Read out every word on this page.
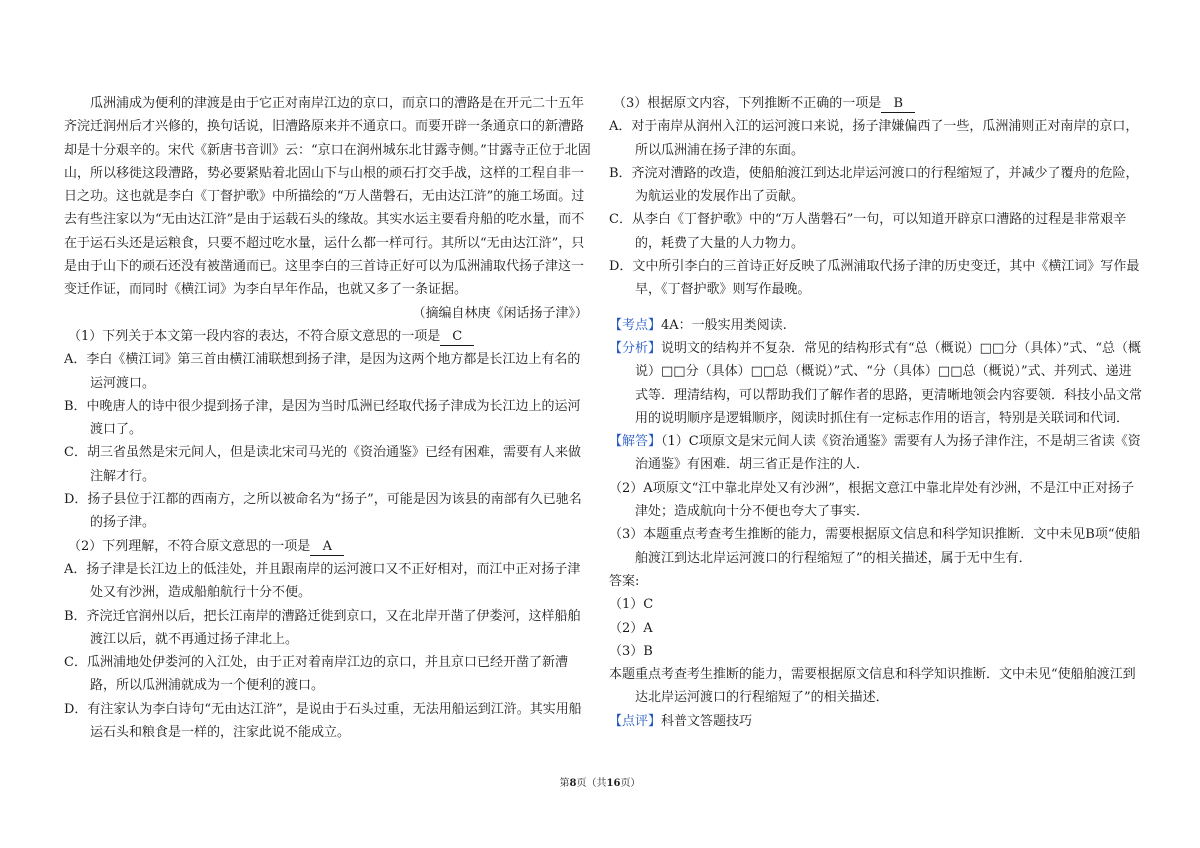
瓜洲浦成为便利的津渡是由于它正对南岸江边的京口，而京口的漕路是在开元二十五年齐浣迁润州后才兴修的，换句话说，旧漕路原来并不通京口。而要开辟一条通京口的新漕路却是十分艰辛的。宋代《新唐书音训》云：“京口在润州城东北甘露寺侧。”甘露寺正位于北固山，所以移徙这段漕路，势必要紧贴着北固山下与山根的顽石打交手战，这样的工程自非一日之功。这也就是李白《丁督护歌》中所描绘的“万人凿磐石，无由达江浒”的施工场面。过去有些注家以为“无由达江浒”是由于运载石头的缘故。其实水运主要看舟船的吃水量，而不在于运石头还是运粮食，只要不超过吃水量，运什么都一样可行。其所以“无由达江浒”，只是由于山下的顽石还没有被凿通而已。这里李白的三首诗正好可以为瓜洲浦取代扬子津这一变迁作证，而同时《横江词》为李白早年作品，也就又多了一条证据。

（摘编自林庚《闲话扬子津》）

（1）下列关于本文第一段内容的表达，不符合原文意思的一项是 C

A．李白《横江词》第三首由横江浦联想到扬子津，是因为这两个地方都是长江边上有名的运河渡口。

B．中晚唐人的诗中很少提到扬子津，是因为当时瓜洲已经取代扬子津成为长江边上的运河渡口了。

C．胡三省虽然是宋元间人，但是读北宋司马光的《资治通鉴》已经有困难，需要有人来做注解才行。

D．扬子县位于江都的西南方，之所以被命名为“扬子”，可能是因为该县的南部有久已驰名的扬子津。

（2）下列理解，不符合原文意思的一项是 A

A．扬子津是长江边上的低洼处，并且跟南岸的运河渡口又不正好相对，而江中正对扬子津处又有沙洲，造成船舶航行十分不便。

B．齐浣迁官润州以后，把长江南岸的漕路迁徙到京口，又在北岸开凿了伊娄河，这样船舶渡江以后，就不再通过扬子津北上。

C．瓜洲浦地处伊娄河的入江处，由于正对着南岸江边的京口，并且京口已经开凿了新漕路，所以瓜洲浦就成为一个便利的渡口。

D．有注家认为李白诗句“无由达江浒”，是说由于石头过重，无法用船运到江浒。其实用船运石头和粮食是一样的，注家此说不能成立。

（3）根据原文内容，下列推断不正确的一项是 B

A．对于南岸从润州入江的运河渡口来说，扬子津嫌偏西了一些，瓜洲浦则正对南岸的京口，所以瓜洲浦在扬子津的东面。

B．齐浣对漕路的改造，使船舶渡江到达北岸运河渡口的行程缩短了，并减少了覆舟的危险，为航运业的发展作出了贡献。

C．从李白《丁督护歌》中的“万人凿磐石”一句，可以知道开辟京口漕路的过程是非常艰辛的，耗费了大量的人力物力。

D．文中所引李白的三首诗正好反映了瓜洲浦取代扬子津的历史变迁，其中《横江词》写作最早，《丁督护歌》则写作最晚。

【考点】4A：一般实用类阅读.

【分析】说明文的结构并不复杂．常见的结构形式有“总（概说）□□分（具体）”式、“总（概说）□□分（具体）□□总（概说）”式、“分（具体）□□总（概说）”式、并列式、递进式等．理清结构，可以帮助我们了解作者的思路，更清晰地领会内容要领．科技小品文常用的说明顺序是逻辑顺序，阅读时抓住有一定标志作用的语言，特别是关联词和代词．

【解答】（1）C项原文是宋元间人读《资治通鉴》需要有人为扬子津作注，不是胡三省读《资治通鉴》有困难．胡三省正是作注的人．

（2）A项原文“江中靠北岸处又有沙洲”，根据文意江中靠北岸处有沙洲，不是江中正对扬子津处；造成航向十分不便也夸大了事实．

（3）本题重点考查考生推断的能力，需要根据原文信息和科学知识推断．文中未见B项“使船舶渡江到达北岸运河渡口的行程缩短了”的相关描述，属于无中生有．

答案:

（1）C

（2）A

（3）B

本题重点考查考生推断的能力，需要根据原文信息和科学知识推断．文中未见“使船舶渡江到达北岸运河渡口的行程缩短了”的相关描述．

【点评】科普文答题技巧

第8页（共16页）
